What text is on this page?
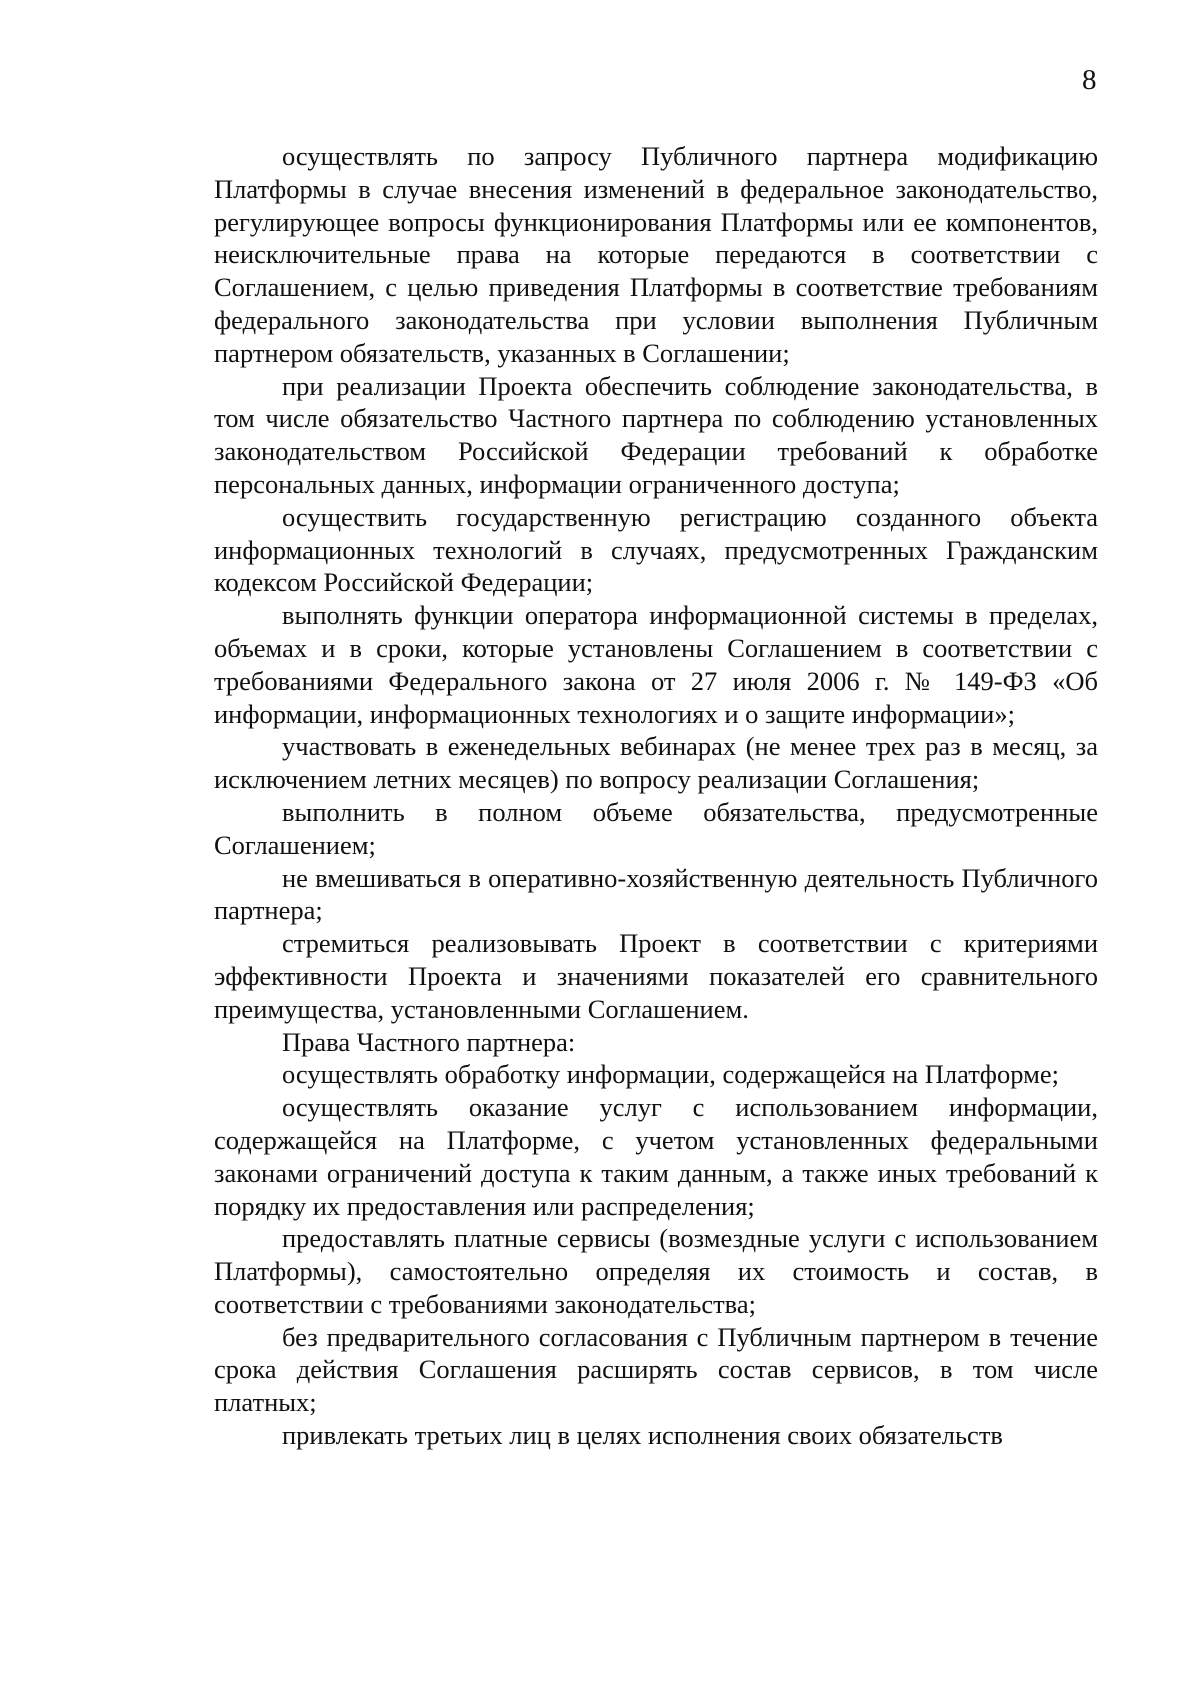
8

осуществлять по запросу Публичного партнера модификацию Платформы в случае внесения изменений в федеральное законодательство, регулирующее вопросы функционирования Платформы или ее компонентов, неисключительные права на которые передаются в соответствии с Соглашением, с целью приведения Платформы в соответствие требованиям федерального законодательства при условии выполнения Публичным партнером обязательств, указанных в Соглашении;

при реализации Проекта обеспечить соблюдение законодательства, в том числе обязательство Частного партнера по соблюдению установленных законодательством Российской Федерации требований к обработке персональных данных, информации ограниченного доступа;

осуществить государственную регистрацию созданного объекта информационных технологий в случаях, предусмотренных Гражданским кодексом Российской Федерации;

выполнять функции оператора информационной системы в пределах, объемах и в сроки, которые установлены Соглашением в соответствии с требованиями Федерального закона от 27 июля 2006 г. № 149-ФЗ «Об информации, информационных технологиях и о защите информации»;

участвовать в еженедельных вебинарах (не менее трех раз в месяц, за исключением летних месяцев) по вопросу реализации Соглашения;

выполнить в полном объеме обязательства, предусмотренные Соглашением;

не вмешиваться в оперативно-хозяйственную деятельность Публичного партнера;

стремиться реализовывать Проект в соответствии с критериями эффективности Проекта и значениями показателей его сравнительного преимущества, установленными Соглашением.

Права Частного партнера:

осуществлять обработку информации, содержащейся на Платформе;

осуществлять оказание услуг с использованием информации, содержащейся на Платформе, с учетом установленных федеральными законами ограничений доступа к таким данным, а также иных требований к порядку их предоставления или распределения;

предоставлять платные сервисы (возмездные услуги с использованием Платформы), самостоятельно определяя их стоимость и состав, в соответствии с требованиями законодательства;

без предварительного согласования с Публичным партнером в течение срока действия Соглашения расширять состав сервисов, в том числе платных;

привлекать третьих лиц в целях исполнения своих обязательств
